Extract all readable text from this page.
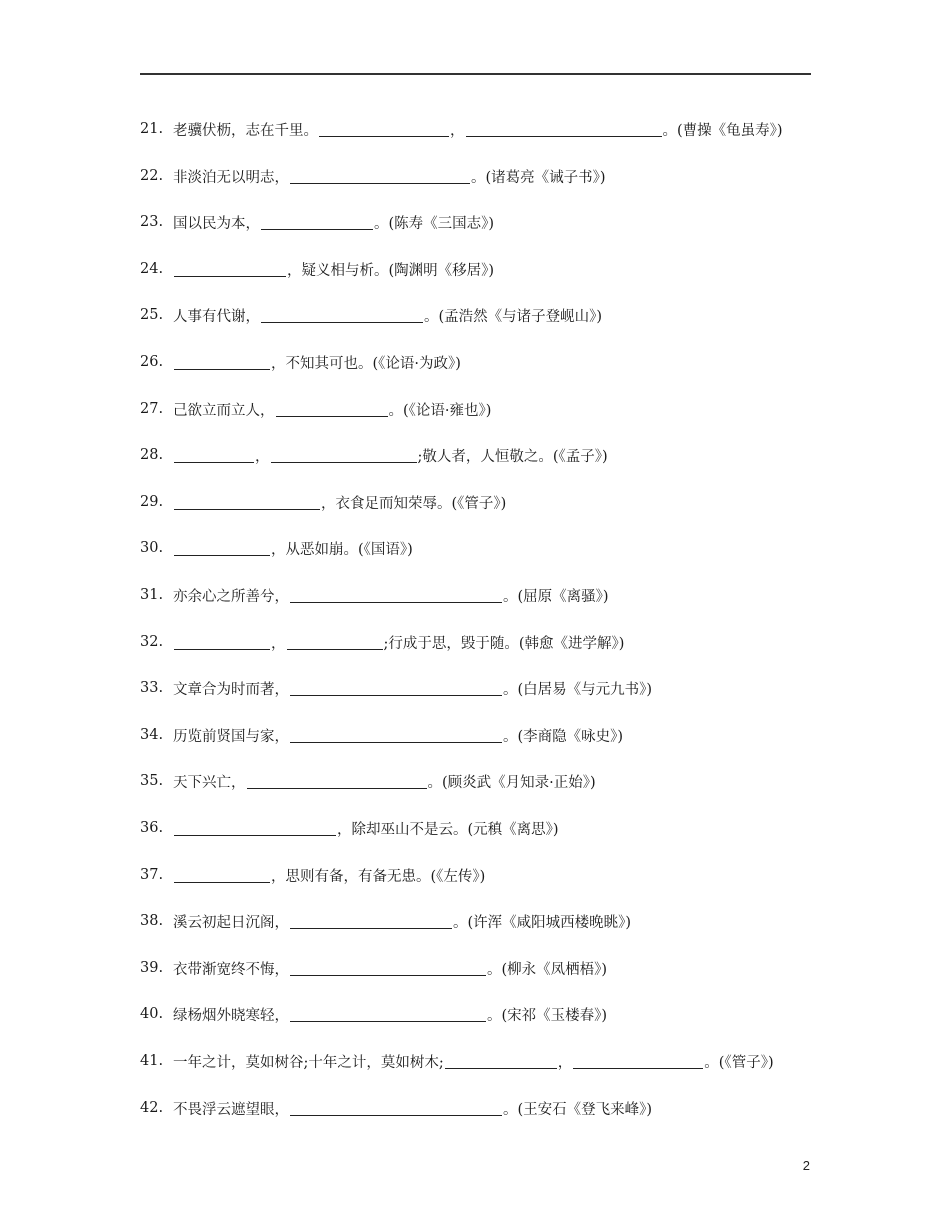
21. 老骥伏枥，志在千里。	，	。(曹操《龟虽寿》)
22. 非淡泊无以明志，	。(诸葛亮《诫子书》)
23. 国以民为本，	。(陈寿《三国志》)
24.	，疑义相与析。(陶渊明《移居》)
25. 人事有代谢，	。(孟浩然《与诸子登岘山》)
26.	，不知其可也。(《论语·为政》)
27. 己欲立而立人，	。(《论语·雍也》)
28.	，	;敬人者，人恒敬之。(《孟子》)
29.	，衣食足而知荣辱。(《管子》)
30.	，从恶如崩。(《国语》)
31. 亦余心之所善兮，	。(屈原《离骚》)
32.	，	;行成于思，毁于随。(韩愈《进学解》)
33. 文章合为时而著，	。(白居易《与元九书》)
34. 历览前贤国与家，	。(李商隐《咏史》)
35. 天下兴亡，	。(顾炎武《月知录·正始》)
36.	，除却巫山不是云。(元稹《离思》)
37.	，思则有备，有备无患。(《左传》)
38. 溪云初起日沉阁，	。(许浑《咸阳城西楼晚眺》)
39. 衣带渐宽终不悔，	。(柳永《凤栖梧》)
40. 绿杨烟外晓寒轻，	。(宋祁《玉楼春》)
41. 一年之计，莫如树谷;十年之计，莫如树木;	，	。(《管子》)
42. 不畏浮云遮望眼，	。(王安石《登飞来峰》)
2
